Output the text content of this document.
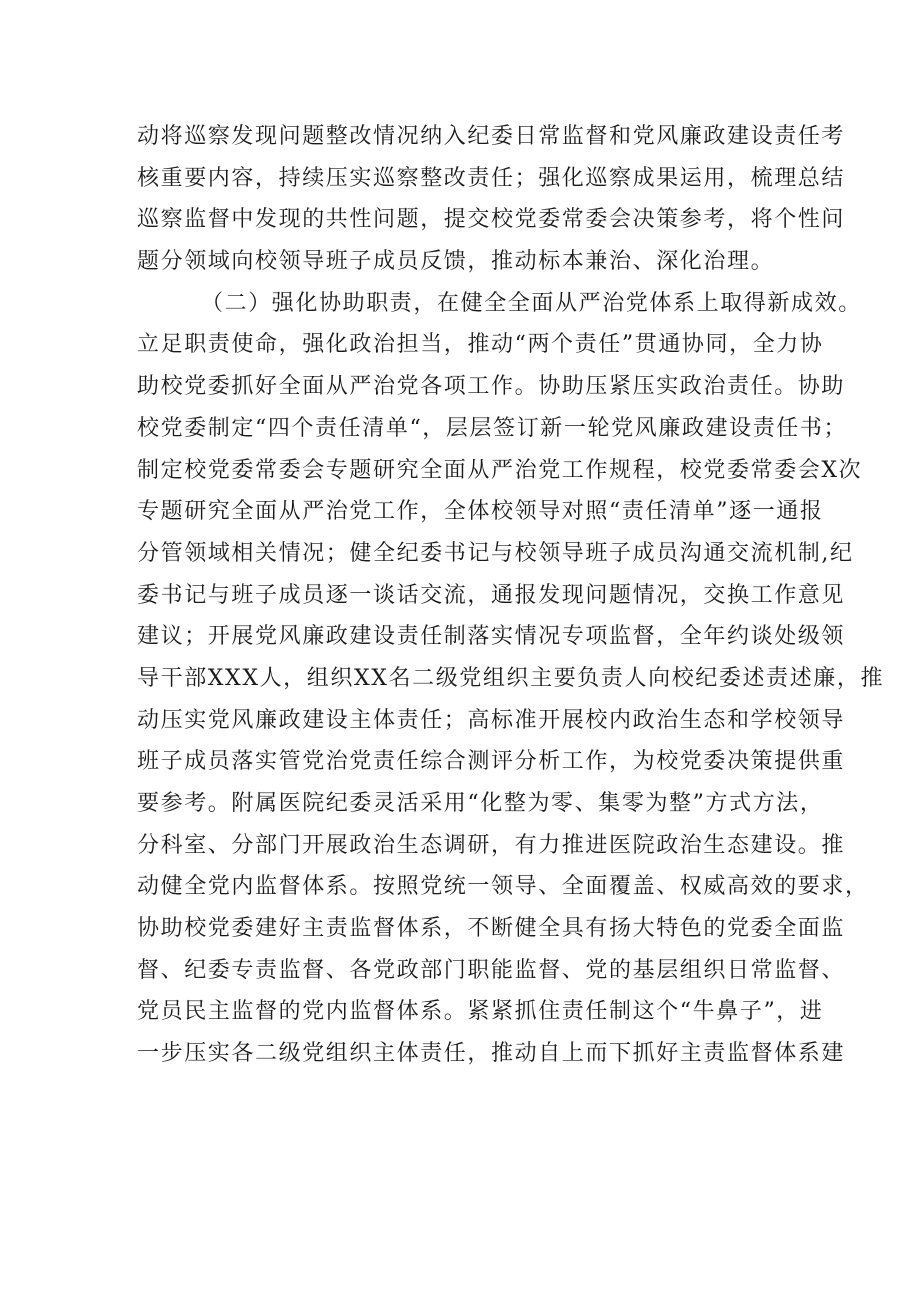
动将巡察发现问题整改情况纳入纪委日常监督和党风廉政建设责任考
核重要内容，持续压实巡察整改责任；强化巡察成果运用，梳理总结
巡察监督中发现的共性问题，提交校党委常委会决策参考，将个性问
题分领域向校领导班子成员反馈，推动标本兼治、深化治理。
（二）强化协助职责，在健全全面从严治党体系上取得新成效。
立足职责使命，强化政治担当，推动“两个责任”贯通协同，全力协
助校党委抓好全面从严治党各项工作。协助压紧压实政治责任。协助
校党委制定“四个责任清单“，层层签订新一轮党风廉政建设责任书；
制定校党委常委会专题研究全面从严治党工作规程，校党委常委会X次
专题研究全面从严治党工作，全体校领导对照“责任清单”逐一通报
分管领域相关情况；健全纪委书记与校领导班子成员沟通交流机制,纪
委书记与班子成员逐一谈话交流，通报发现问题情况，交换工作意见
建议；开展党风廉政建设责任制落实情况专项监督，全年约谈处级领
导干部XXX人，组织XX名二级党组织主要负责人向校纪委述责述廉，推
动压实党风廉政建设主体责任；高标准开展校内政治生态和学校领导
班子成员落实管党治党责任综合测评分析工作，为校党委决策提供重
要参考。附属医院纪委灵活采用“化整为零、集零为整”方式方法，
分科室、分部门开展政治生态调研，有力推进医院政治生态建设。推
动健全党内监督体系。按照党统一领导、全面覆盖、权威高效的要求，
协助校党委建好主责监督体系，不断健全具有扬大特色的党委全面监
督、纪委专责监督、各党政部门职能监督、党的基层组织日常监督、
党员民主监督的党内监督体系。紧紧抓住责任制这个“牛鼻子”，进
一步压实各二级党组织主体责任，推动自上而下抓好主责监督体系建
